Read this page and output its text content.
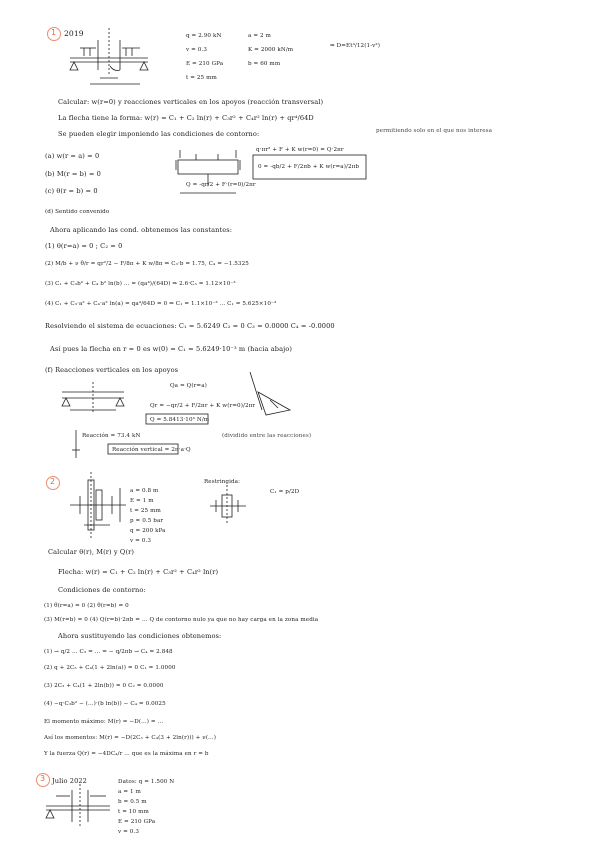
1 2019	q = 2.90 kN
v = 0.3
E = 210 GPa
t = 25 mm
a = 2 m
K = 2000 kN/m
b = 60 mm
⇒ D=Et³/12(1-v²)
Calcular: w(r=0) y reacciones verticales en los apoyos (reacción transversal)
La flecha tiene la forma: w(r) = C₁ + C₂ ln(r) + C₃r² + C₄r² ln(r) + qr⁴/64D
Se pueden elegir imponiendo las condiciones de contorno:	permitiendo solo en el que nos interesa
(a) w(r = a) = 0
(b) M(r = b) = 0
(c) θ(r = b) = 0
(d) Sentido convenido
q·πr² + F + K w(r=0) = Q·2πr
0 = -qb/2 + F/2πb + K w(r=a)/2πb
Q = -qr/2 + F·(r=0)/2πr
Ahora aplicando las cond. obtenemos las constantes:
(1) θ(r=a) = 0 ; C₂ = 0
(2) M/b + ν θ/r = qr²/2 − F/8π + K w/8π ⇒ C₃·b = 1.75, C₄ = −1.5325
(3) C₁ + C₃b² + C₄ b² ln(b) ... = (qa⁴)/(64D) ⇒ 2.6·C₃ = 1.12×10⁻³
(4) C₁ + C₃·a² + C₄·a² ln(a) = qa⁴/64D = 0 ⇒ C₁ = 1.1×10⁻³ ... C₁ = 5.625×10⁻³
Resolviendo el sistema de ecuaciones: C₁ = 5.6249 C₂ = 0 C₃ = 0.0000 C₄ = -0.0000
Así pues la flecha en r = 0 es w(0) = C₁ = 5.6249·10⁻³ m (hacia abajo)
(f) Reacciones verticales en los apoyos
Qa = Q(r=a)
Qr = −qr/2 + F/2πr + K w(r=0)/2πr
Q = 5.8413·10³ N/m
Reacción vertical = 2π·a·Q
Reacción = 73.4 kN	(dividido entre las reacciones)
2
a = 0.8 m
E = 1 m
t = 25 mm
p = 0.5 bar
q = 200 kPa
v = 0.3
Restringida:
C₁ = p/2D
Calcular θ(r), M(r) y Q(r)
Flecha: w(r) = C₁ + C₂ ln(r) + C₃r² + C₄r² ln(r)
Condiciones de contorno:
(1) θ(r=a) = 0 (2) θ(r=b) = 0
(3) M(r=b) = 0 (4) Q(r=b)·2πb = ... Q de contorno nulo ya que no hay carga en la zona media
Ahora sustituyendo las condiciones obtenemos:
(1) → q/2 ... C₃ = ... = − q/2πb → C₄ = 2.848
(2) q + 2C₃ + C₄(1 + 2ln(a)) = 0 C₁ = 1.0000
(3) 2C₃ + C₄(1 + 2ln(b)) = 0 C₂ = 0.0000
(4) −q·C₃b² − (...)·(b ln(b)) − C₄ = 0.0025
El momento máximo: M(r) = −D(...) = ...
Así los momentos: M(r) = −D(2C₃ + C₄(3 + 2ln(r))) + ν(...)
Y la fuerza Q(r) = −4DC₄/r ... que es la máxima en r = b
3 Julio 2022	Datos: q = 1.500 N
a = 1 m
b = 0.5 m
t = 10 mm
E = 210 GPa
v = 0.3
